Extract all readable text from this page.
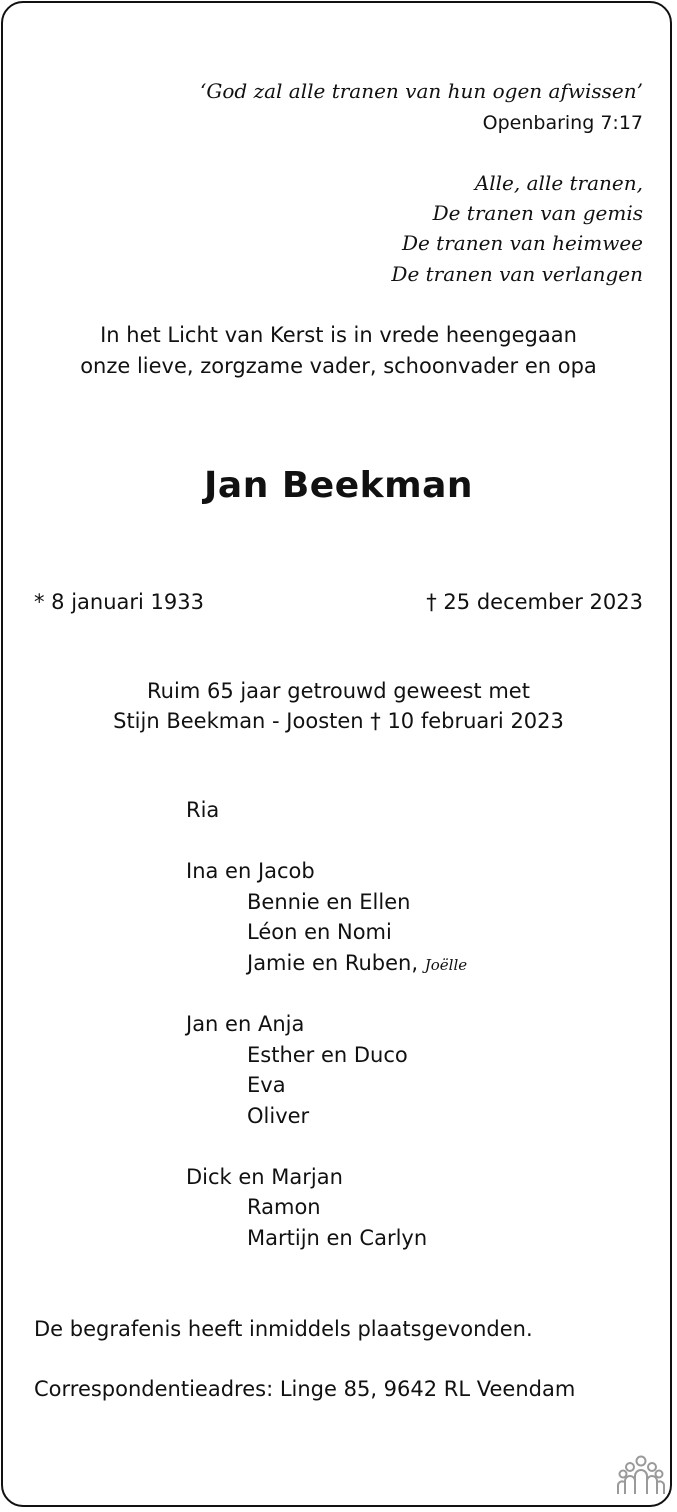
‘God zal alle tranen van hun ogen afwissen’
Openbaring 7:17
Alle, alle tranen,
De tranen van gemis
De tranen van heimwee
De tranen van verlangen
In het Licht van Kerst is in vrede heengegaan
onze lieve, zorgzame vader, schoonvader en opa
Jan Beekman
* 8 januari 1933	† 25 december 2023
Ruim 65 jaar getrouwd geweest met
Stijn Beekman - Joosten † 10 februari 2023
Ria
Ina en Jacob
Bennie en Ellen
Léon en Nomi
Jamie en Ruben, Joëlle
Jan en Anja
Esther en Duco
Eva
Oliver
Dick en Marjan
Ramon
Martijn en Carlyn
De begrafenis heeft inmiddels plaatsgevonden.
Correspondentieadres: Linge 85, 9642 RL Veendam
